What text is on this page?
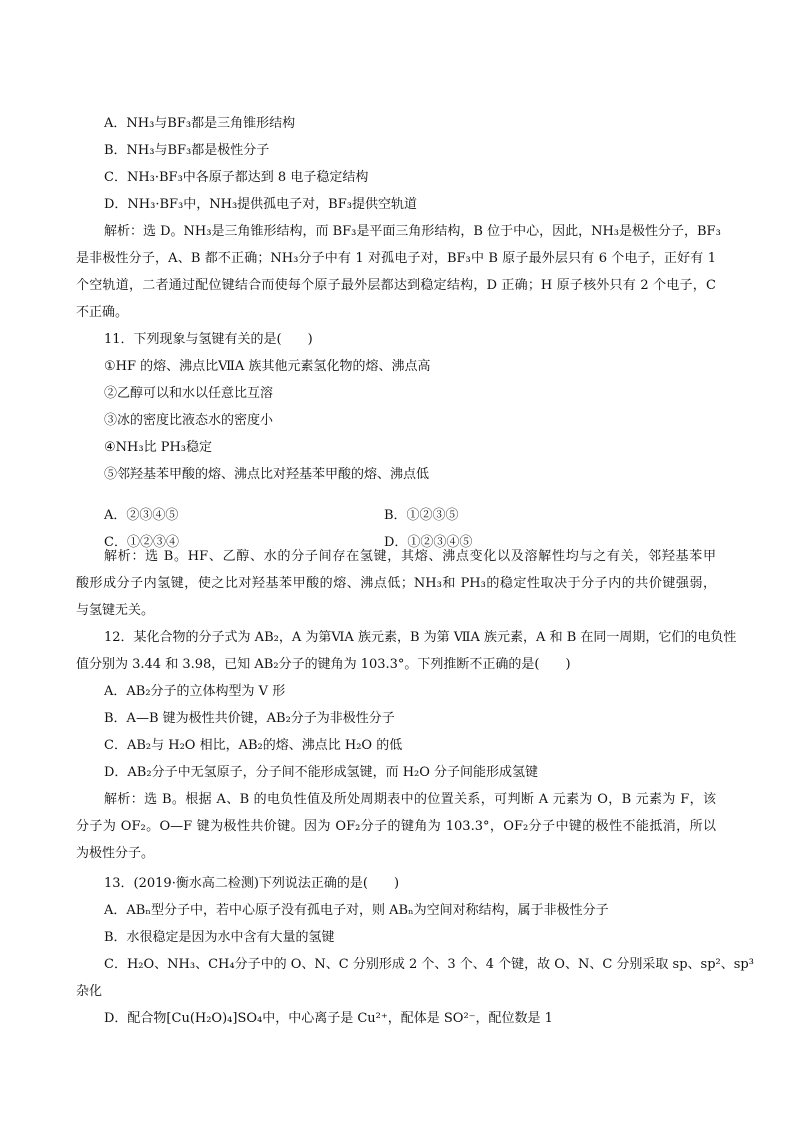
A．NH₃与BF₃都是三角锥形结构

B．NH₃与BF₃都是极性分子

C．NH₃·BF₃中各原子都达到 8 电子稳定结构

D．NH₃·BF₃中，NH₃提供孤电子对，BF₃提供空轨道

解析：选 D。NH₃是三角锥形结构，而 BF₃是平面三角形结构，B 位于中心，因此，NH₃是极性分子，BF₃

是非极性分子，A、B 都不正确；NH₃分子中有 1 对孤电子对，BF₃中 B 原子最外层只有 6 个电子，正好有 1

个空轨道，二者通过配位键结合而使每个原子最外层都达到稳定结构，D 正确；H 原子核外只有 2 个电子，C

不正确。

11．下列现象与氢键有关的是(　　)

①HF 的熔、沸点比ⅦA 族其他元素氢化物的熔、沸点高

②乙醇可以和水以任意比互溶

③冰的密度比液态水的密度小

④NH₃比 PH₃稳定

⑤邻羟基苯甲酸的熔、沸点比对羟基苯甲酸的熔、沸点低

A．②③④⑤	B．①②③⑤

C．①②③④	D．①②③④⑤

解析：选 B。HF、乙醇、水的分子间存在氢键，其熔、沸点变化以及溶解性均与之有关，邻羟基苯甲

酸形成分子内氢键，使之比对羟基苯甲酸的熔、沸点低；NH₃和 PH₃的稳定性取决于分子内的共价键强弱，

与氢键无关。

12．某化合物的分子式为 AB₂，A 为第ⅥA 族元素，B 为第 ⅦA 族元素，A 和 B 在同一周期，它们的电负性

值分别为 3.44 和 3.98，已知 AB₂分子的键角为 103.3°。下列推断不正确的是(　　)

A．AB₂分子的立体构型为 V 形

B．A—B 键为极性共价键，AB₂分子为非极性分子

C．AB₂与 H₂O 相比，AB₂的熔、沸点比 H₂O 的低

D．AB₂分子中无氢原子，分子间不能形成氢键，而 H₂O 分子间能形成氢键

解析：选 B。根据 A、B 的电负性值及所处周期表中的位置关系，可判断 A 元素为 O，B 元素为 F，该

分子为 OF₂。O—F 键为极性共价键。因为 OF₂分子的键角为 103.3°，OF₂分子中键的极性不能抵消，所以

为极性分子。

13．(2019·衡水高二检测)下列说法正确的是(　　)

A．ABₙ型分子中，若中心原子没有孤电子对，则 ABₙ为空间对称结构，属于非极性分子

B．水很稳定是因为水中含有大量的氢键

C．H₂O、NH₃、CH₄分子中的 O、N、C 分别形成 2 个、3 个、4 个键，故 O、N、C 分别采取 sp、sp²、sp³

杂化

D．配合物[Cu(H₂O)₄]SO₄中，中心离子是 Cu²⁺，配体是 SO²⁻，配位数是 1
